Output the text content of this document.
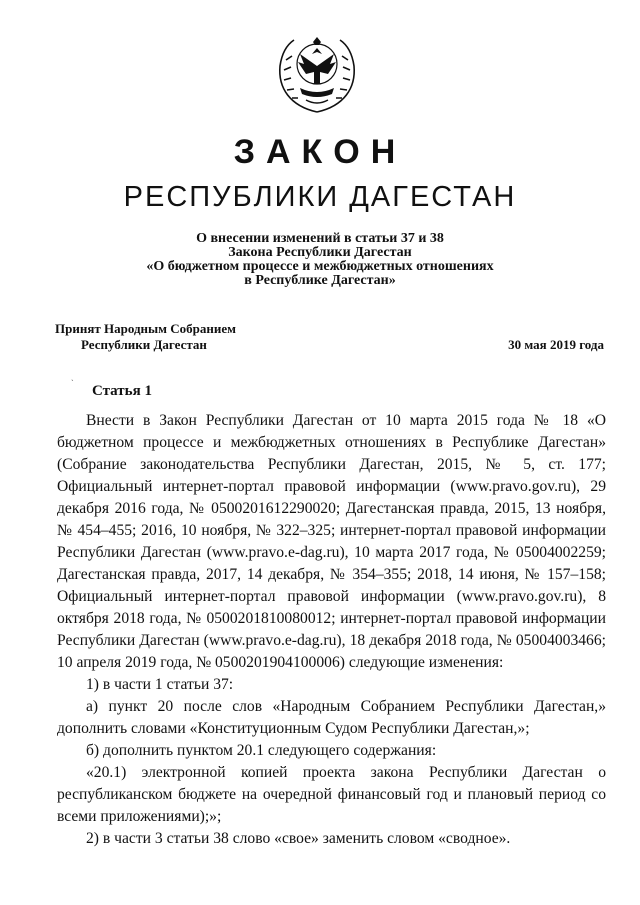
ЗАКОН
РЕСПУБЛИКИ ДАГЕСТАН
О внесении изменений в статьи 37 и 38
Закона Республики Дагестан
«О бюджетном процессе и межбюджетных отношениях
в Республике Дагестан»
Принят Народным Собранием
Республики Дагестан	30 мая 2019 года
ˎ
Статья 1

Внести в Закон Республики Дагестан от 10 марта 2015 года № 18 «О бюджетном процессе и межбюджетных отношениях в Республике Дагестан» (Собрание законодательства Республики Дагестан, 2015, № 5, ст. 177; Официальный интернет-портал правовой информации (www.pravo.gov.ru), 29 декабря 2016 года, № 0500201612290020; Дагестанская правда, 2015, 13 ноября, № 454–455; 2016, 10 ноября, № 322–325; интернет-портал правовой информации Республики Дагестан (www.pravo.e-dag.ru), 10 марта 2017 года, № 05004002259; Дагестанская правда, 2017, 14 декабря, № 354–355; 2018, 14 июня, № 157–158; Официальный интернет-портал правовой информации (www.pravo.gov.ru), 8 октября 2018 года, № 0500201810080012; интернет-портал правовой информации Республики Дагестан (www.pravo.e-dag.ru), 18 декабря 2018 года, № 05004003466; 10 апреля 2019 года, № 0500201904100006) следующие изменения:

1) в части 1 статьи 37:

а) пункт 20 после слов «Народным Собранием Республики Дагестан,» дополнить словами «Конституционным Судом Республики Дагестан,»;

б) дополнить пунктом 20.1 следующего содержания:

«20.1) электронной копией проекта закона Республики Дагестан о республиканском бюджете на очередной финансовый год и плановый период со всеми приложениями);»;

2) в части 3 статьи 38 слово «свое» заменить словом «сводное».
